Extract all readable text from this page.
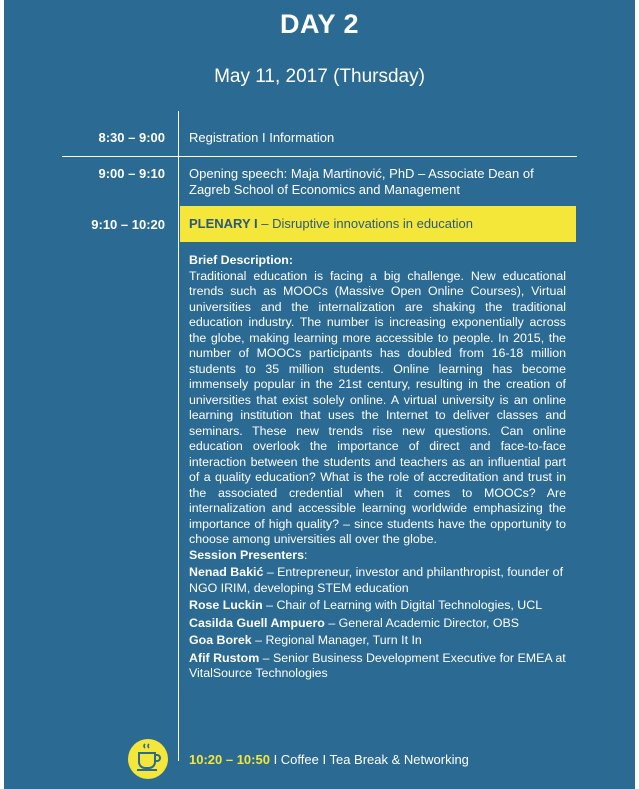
DAY 2
May 11, 2017 (Thursday)
8:30 – 9:00 Registration I Information
9:00 – 9:10 Opening speech: Maja Martinović, PhD – Associate Dean of
Zagreb School of Economics and Management
9:10 – 10:20	PLENARY I – Disruptive innovations in education
Brief Description:

Traditional education is facing a big challenge. New educational trends such as MOOCs (Massive Open Online Courses), Virtual universities and the internalization are shaking the traditional education industry. The number is increasing exponentially across the globe, making learning more accessible to people. In 2015, the number of MOOCs participants has doubled from 16-18 million students to 35 million students. Online learning has become immensely popular in the 21st century, resulting in the creation of universities that exist solely online. A virtual university is an online learning institution that uses the Internet to deliver classes and seminars. These new trends rise new questions. Can online education overlook the importance of direct and face-to-face interaction between the students and teachers as an influential part of a quality education? What is the role of accreditation and trust in the associated credential when it comes to MOOCs? Are internalization and accessible learning worldwide emphasizing the importance of high quality? – since students have the opportunity to choose among universities all over the globe.

Session Presenters:
Nenad Bakić – Entrepreneur, investor and philanthropist, founder of NGO IRIM, developing STEM education
Rose Luckin – Chair of Learning with Digital Technologies, UCL
Casilda Guell Ampuero – General Academic Director, OBS
Goa Borek – Regional Manager, Turn It In
Afif Rustom – Senior Business Development Executive for EMEA at VitalSource Technologies
10:20 – 10:50 I Coffee I Tea Break & Networking
